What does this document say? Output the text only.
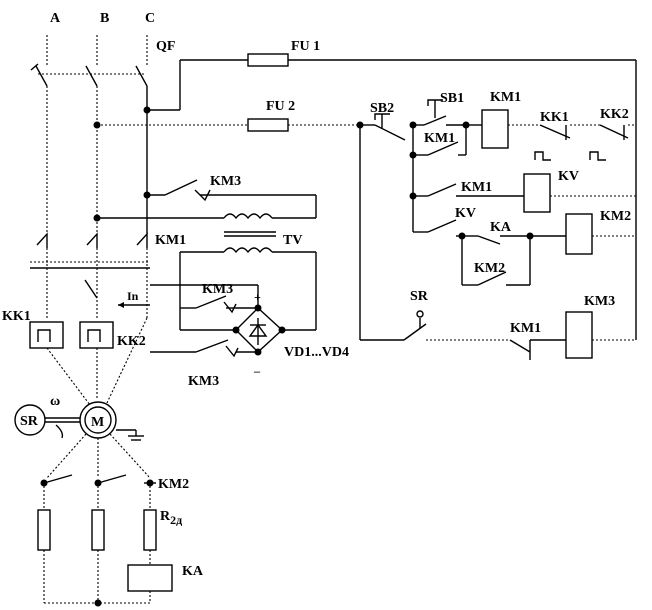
A	B	C
QF
KM1
In
KK1
KK2
M
SR
ω
KM2
R2д
KA
KM3
TV
KM3 +
–
KM3
VD1...VD4
FU 1
FU 2	SB2
SB1
KM1
KM1
KK1 KK2
KM1
KV
KV
KA
KM2
KM2
SR
KM1
KM3
